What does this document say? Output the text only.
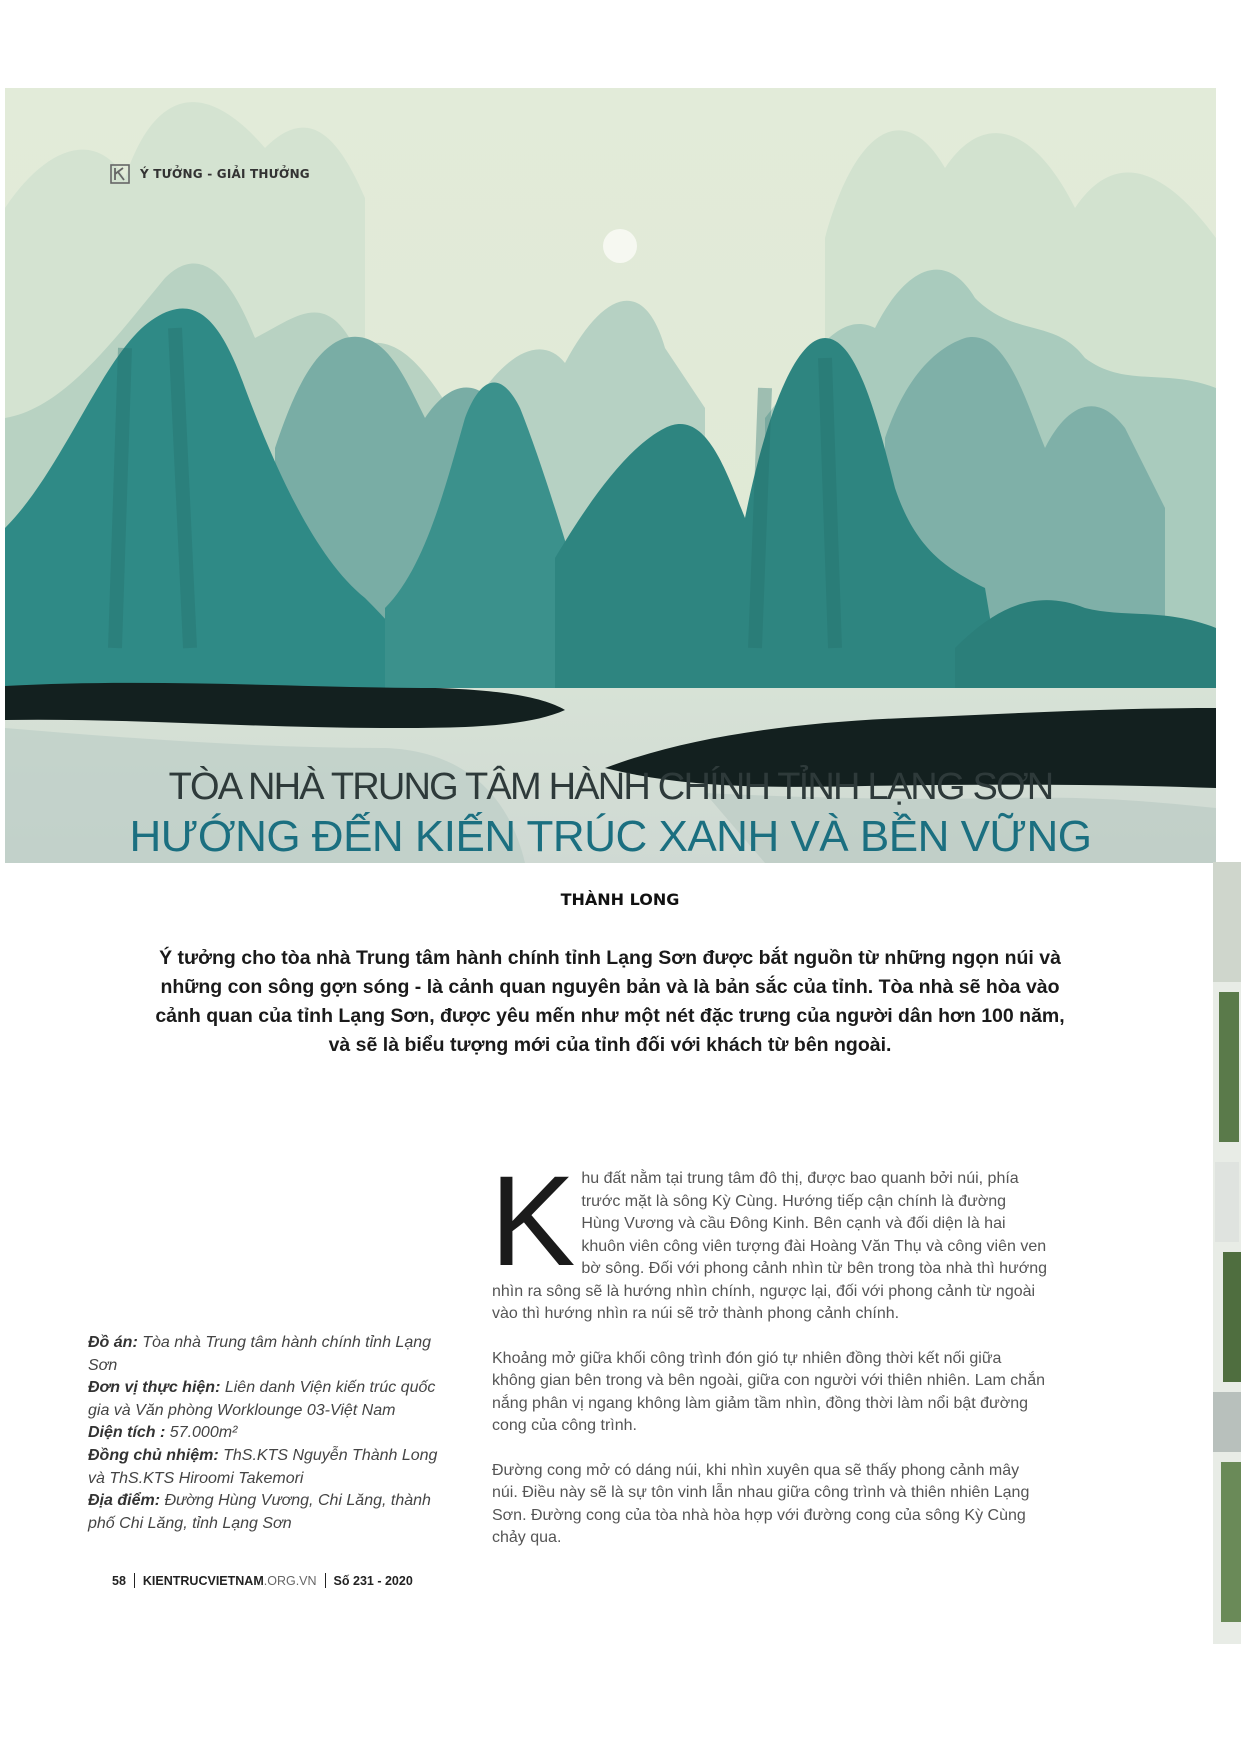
Ý TƯỞNG - GIẢI THƯỞNG
TÒA NHÀ TRUNG TÂM HÀNH CHÍNH TỈNH LẠNG SƠN
HƯỚNG ĐẾN KIẾN TRÚC XANH VÀ BỀN VỮNG
THÀNH LONG
Ý tưởng cho tòa nhà Trung tâm hành chính tỉnh Lạng Sơn được bắt nguồn từ những ngọn núi và
những con sông gợn sóng - là cảnh quan nguyên bản và là bản sắc của tỉnh. Tòa nhà sẽ hòa vào
cảnh quan của tỉnh Lạng Sơn, được yêu mến như một nét đặc trưng của người dân hơn 100 năm,
và sẽ là biểu tượng mới của tỉnh đối với khách từ bên ngoài.
Đồ án: Tòa nhà Trung tâm hành chính tỉnh Lạng Sơn
Đơn vị thực hiện: Liên danh Viện kiến trúc quốc gia và Văn phòng Worklounge 03-Việt Nam
Diện tích : 57.000m²
Đồng chủ nhiệm: ThS.KTS Nguyễn Thành Long và ThS.KTS Hiroomi Takemori
Địa điểm: Đường Hùng Vương, Chi Lăng, thành phố Chi Lăng, tỉnh Lạng Sơn

Khu đất nằm tại trung tâm đô thị, được bao quanh bởi núi, phía trước mặt là sông Kỳ Cùng. Hướng tiếp cận chính là đường Hùng Vương và cầu Đông Kinh. Bên cạnh và đối diện là hai khuôn viên công viên tượng đài Hoàng Văn Thụ và công viên ven bờ sông. Đối với phong cảnh nhìn từ bên trong tòa nhà thì hướng nhìn ra sông sẽ là hướng nhìn chính, ngược lại, đối với phong cảnh từ ngoài vào thì hướng nhìn ra núi sẽ trở thành phong cảnh chính.

Khoảng mở giữa khối công trình đón gió tự nhiên đồng thời kết nối giữa không gian bên trong và bên ngoài, giữa con người với thiên nhiên. Lam chắn nắng phân vị ngang không làm giảm tầm nhìn, đồng thời làm nổi bật đường cong của công trình.

Đường cong mở có dáng núi, khi nhìn xuyên qua sẽ thấy phong cảnh mây núi. Điều này sẽ là sự tôn vinh lẫn nhau giữa công trình và thiên nhiên Lạng Sơn. Đường cong của tòa nhà hòa hợp với đường cong của sông Kỳ Cùng chảy qua.

58 KIENTRUCVIETNAM.ORG.VN Số 231 - 2020
